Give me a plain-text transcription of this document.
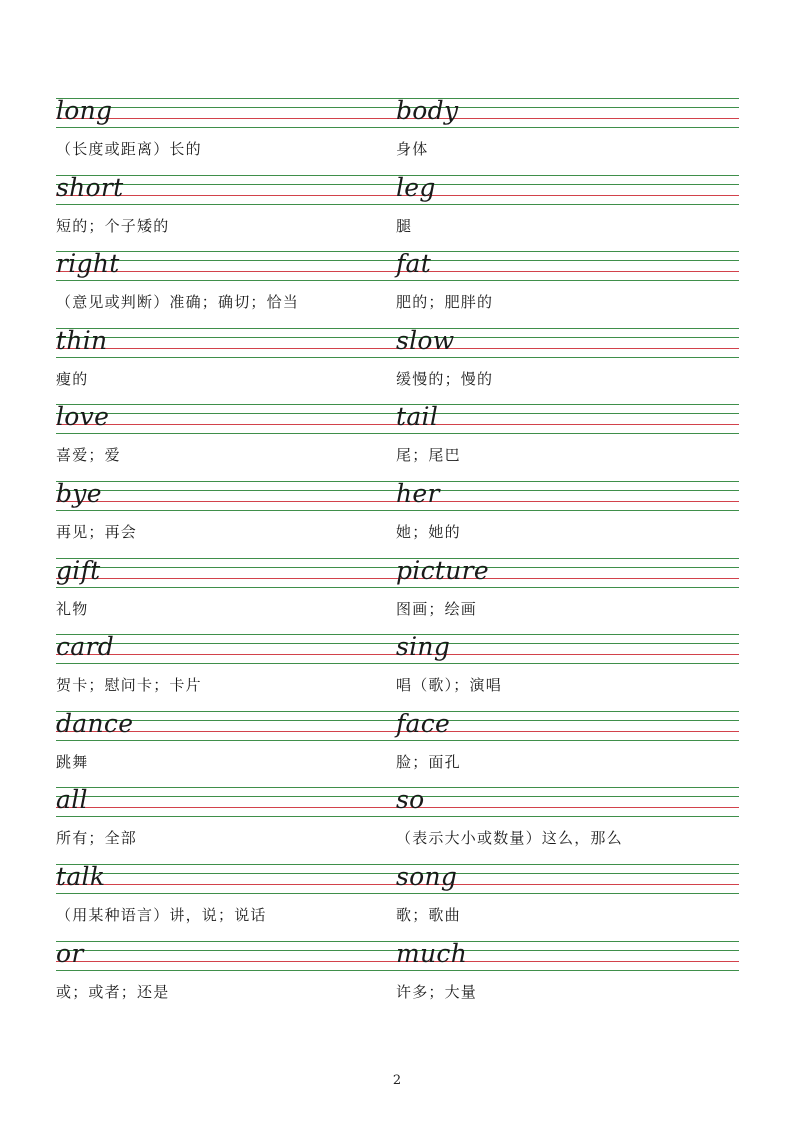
long
（长度或距离）长的
body
身体
short
短的；个子矮的
leg
腿
right
（意见或判断）准确；确切；恰当
fat
肥的；肥胖的
thin
瘦的
slow
缓慢的；慢的
love
喜爱；爱
tail
尾；尾巴
bye
再见；再会
her
她；她的
gift
礼物
picture
图画；绘画
card
贺卡；慰问卡；卡片
sing
唱（歌）；演唱
dance
跳舞
face
脸；面孔
all
所有；全部
so
（表示大小或数量）这么，那么
talk
（用某种语言）讲，说；说话
song
歌；歌曲
or
或；或者；还是
much
许多；大量
2
